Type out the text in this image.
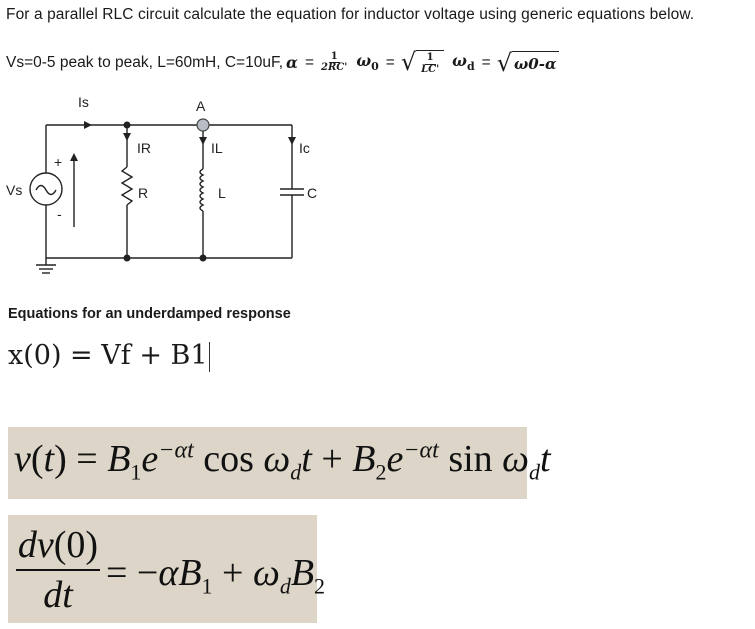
For a parallel RLC circuit calculate the equation for inductor voltage using generic equations below.
Vs=0-5 peak to peak, L=60mH, C=10uF, $\alpha = \frac{1}{2RC'} \omega_0$ = √ $\frac{1}{LC'} \omega_d$ = √ ω0-α
Is	A
IR	IL	Ic
Vs
+
-
R	L	C
Equations for an underdamped response
x(0) = Vf + B1
$v(t) = B_1e^{-\alpha t}$ $\cos \omega_dt + B_2e^{-\alpha t}$ $\sin \omega_dt$
dv(0)
dt
= $-\alpha B_1 + \omega_dB_2$
